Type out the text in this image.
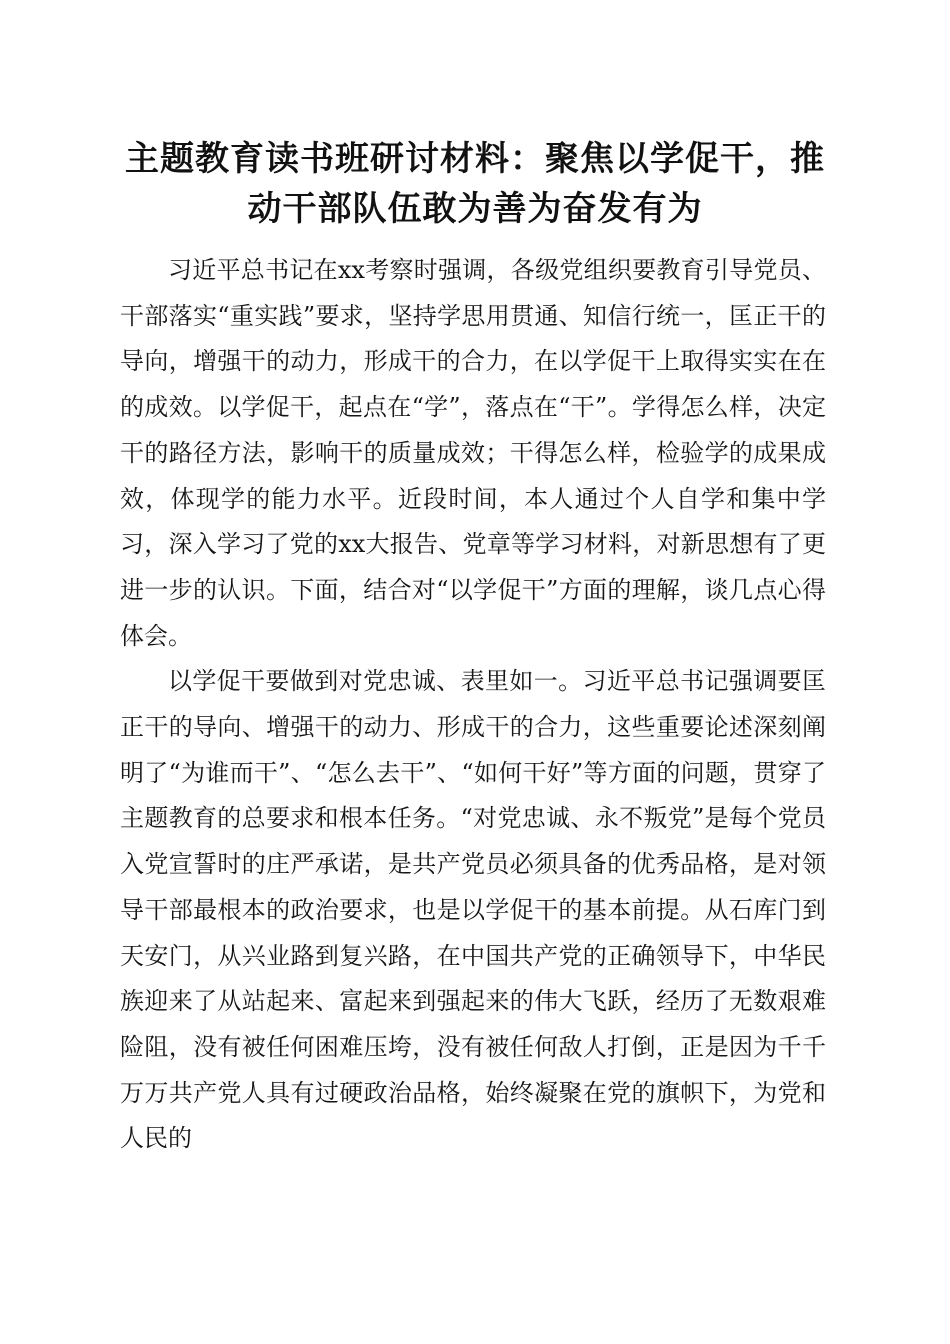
主题教育读书班研讨材料：聚焦以学促干，推
动干部队伍敢为善为奋发有为

习近平总书记在xx考察时强调，各级党组织要教育引导党员、干部落实“重实践”要求，坚持学思用贯通、知信行统一，匡正干的导向，增强干的动力，形成干的合力，在以学促干上取得实实在在的成效。以学促干，起点在“学”，落点在“干”。学得怎么样，决定干的路径方法，影响干的质量成效；干得怎么样，检验学的成果成效，体现学的能力水平。近段时间，本人通过个人自学和集中学习，深入学习了党的xx大报告、党章等学习材料，对新思想有了更进一步的认识。下面，结合对“以学促干”方面的理解，谈几点心得体会。

以学促干要做到对党忠诚、表里如一。习近平总书记强调要匡正干的导向、增强干的动力、形成干的合力，这些重要论述深刻阐明了“为谁而干”、“怎么去干”、“如何干好”等方面的问题，贯穿了主题教育的总要求和根本任务。“对党忠诚、永不叛党”是每个党员入党宣誓时的庄严承诺，是共产党员必须具备的优秀品格，是对领导干部最根本的政治要求，也是以学促干的基本前提。从石库门到天安门，从兴业路到复兴路，在中国共产党的正确领导下，中华民族迎来了从站起来、富起来到强起来的伟大飞跃，经历了无数艰难险阻，没有被任何困难压垮，没有被任何敌人打倒，正是因为千千万万共产党人具有过硬政治品格，始终凝聚在党的旗帜下，为党和人民的
